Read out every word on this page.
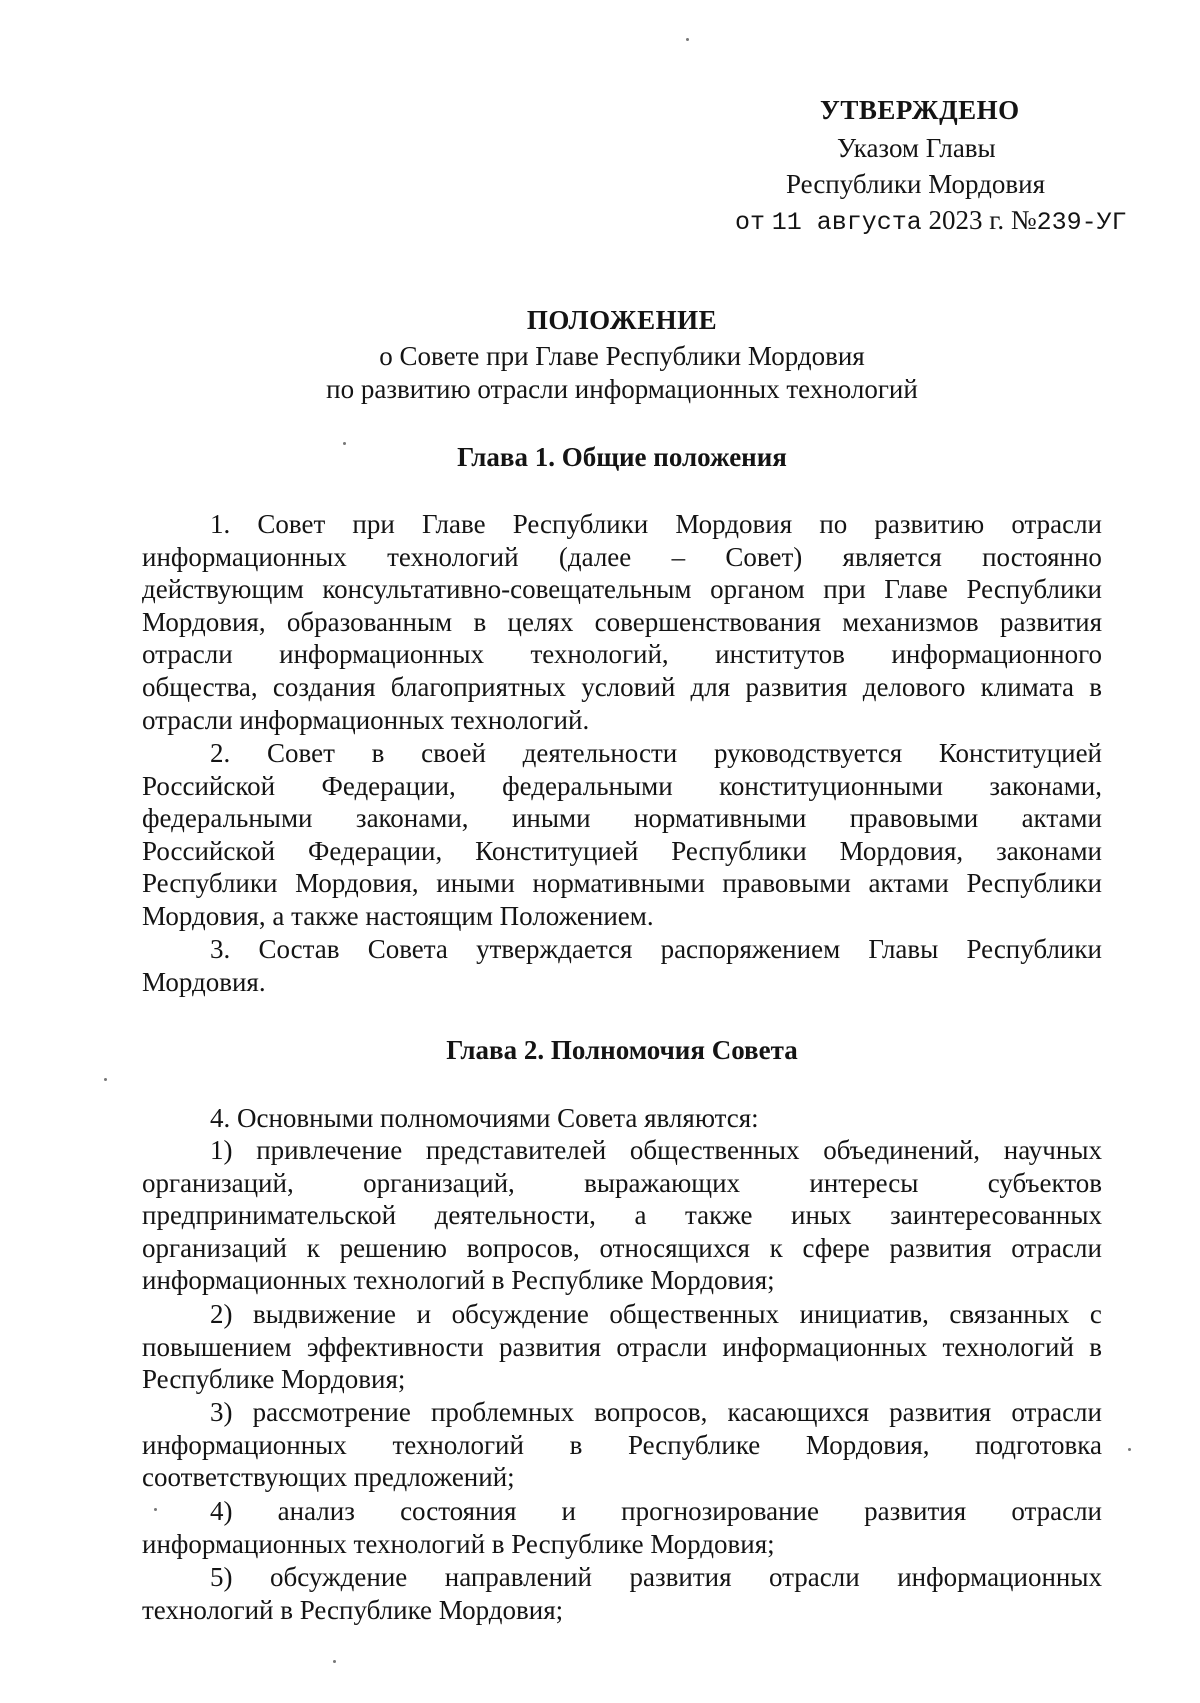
УТВЕРЖДЕНО
Указом Главы
Республики Мордовия
от 11 августа 2023 г. №239-УГ
ПОЛОЖЕНИЕ
о Совете при Главе Республики Мордовия
по развитию отрасли информационных технологий
Глава 1. Общие положения
1. Совет при Главе Республики Мордовия по развитию отрасли
информационных технологий (далее – Совет) является постоянно
действующим консультативно-совещательным органом при Главе Республики
Мордовия, образованным в целях совершенствования механизмов развития
отрасли информационных технологий, институтов информационного
общества, создания благоприятных условий для развития делового климата в
отрасли информационных технологий.
2. Совет в своей деятельности руководствуется Конституцией
Российской Федерации, федеральными конституционными законами,
федеральными законами, иными нормативными правовыми актами
Российской Федерации, Конституцией Республики Мордовия, законами
Республики Мордовия, иными нормативными правовыми актами Республики
Мордовия, а также настоящим Положением.
3. Состав Совета утверждается распоряжением Главы Республики
Мордовия.
Глава 2. Полномочия Совета
4. Основными полномочиями Совета являются:
1) привлечение представителей общественных объединений, научных
организаций,	организаций,	выражающих	интересы	субъектов
предпринимательской деятельности, а также иных заинтересованных
организаций к решению вопросов, относящихся к сфере развития отрасли
информационных технологий в Республике Мордовия;
2) выдвижение и обсуждение общественных инициатив, связанных с
повышением эффективности развития отрасли информационных технологий в
Республике Мордовия;
3) рассмотрение проблемных вопросов, касающихся развития отрасли
информационных технологий в Республике Мордовия, подготовка
соответствующих предложений;
4) анализ состояния и прогнозирование развития отрасли
информационных технологий в Республике Мордовия;
5) обсуждение направлений развития отрасли информационных
технологий в Республике Мордовия;
